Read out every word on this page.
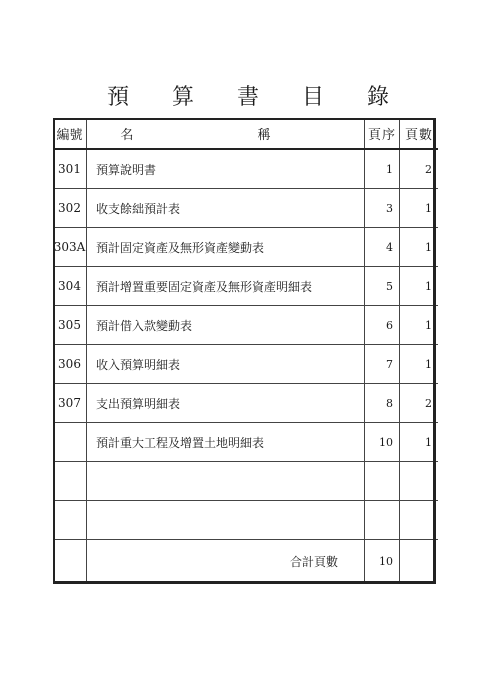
預 算 書 目 錄
編號	名 稱	頁序	頁數
301	預算說明書	1	2
302	收支餘絀預計表	3	1
303A	預計固定資產及無形資產變動表	4	1
304	預計增置重要固定資產及無形資產明細表	5	1
305	預計借入款變動表	6	1
306	收入預算明細表	7	1
307	支出預算明細表	8	2
	預計重大工程及增置土地明細表	10	1

	合計頁數	10	
